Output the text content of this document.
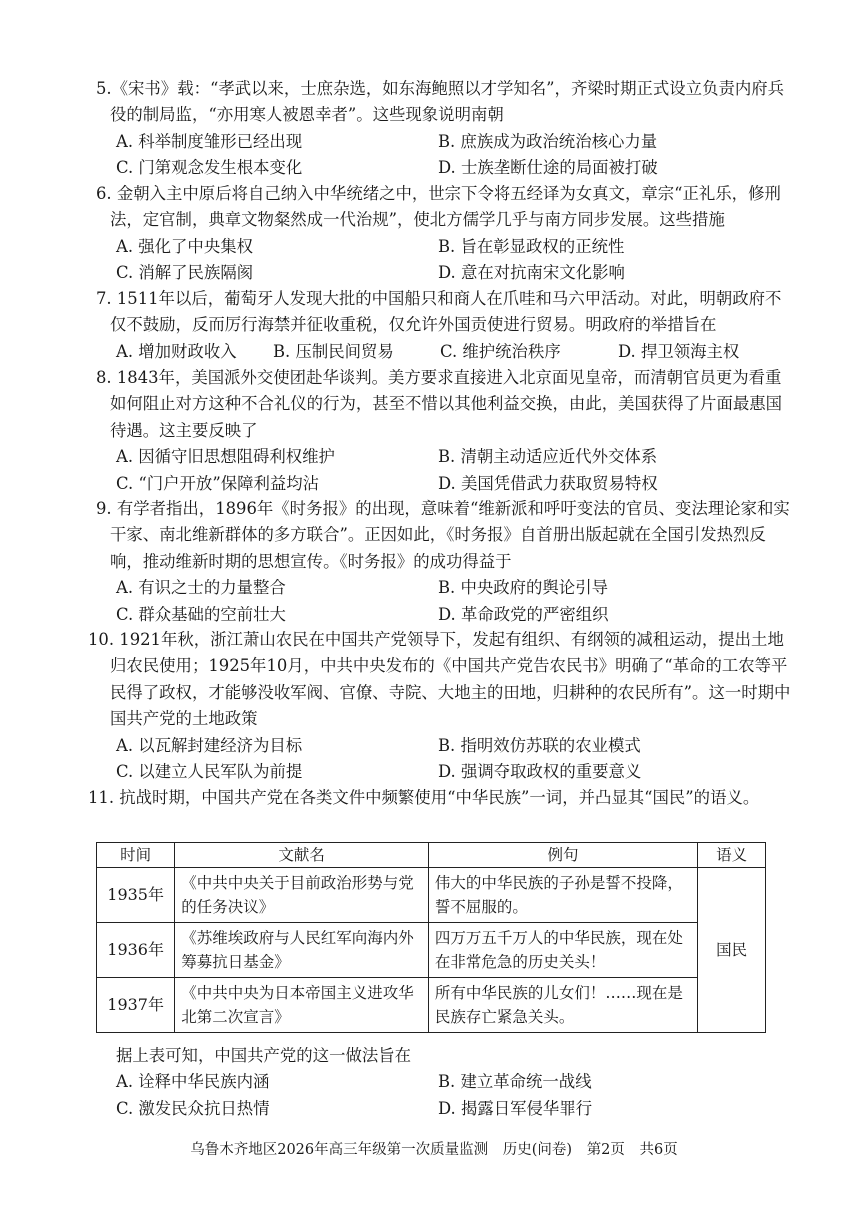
5.《宋书》载：“孝武以来，士庶杂选，如东海鲍照以才学知名”，齐梁时期正式设立负责内府兵役的制局监，“亦用寒人被恩幸者”。这些现象说明南朝

A. 科举制度雏形已经出现	B. 庶族成为政治统治核心力量
C. 门第观念发生根本变化	D. 士族垄断仕途的局面被打破

6. 金朝入主中原后将自己纳入中华统绪之中，世宗下令将五经译为女真文，章宗“正礼乐，修刑法，定官制，典章文物粲然成一代治规”，使北方儒学几乎与南方同步发展。这些措施

A. 强化了中央集权	B. 旨在彰显政权的正统性
C. 消解了民族隔阂	D. 意在对抗南宋文化影响

7. 1511年以后，葡萄牙人发现大批的中国船只和商人在爪哇和马六甲活动。对此，明朝政府不仅不鼓励，反而厉行海禁并征收重税，仅允许外国贡使进行贸易。明政府的举措旨在

A. 增加财政收入	B. 压制民间贸易	C. 维护统治秩序	D. 捍卫领海主权

8. 1843年，美国派外交使团赴华谈判。美方要求直接进入北京面见皇帝，而清朝官员更为看重如何阻止对方这种不合礼仪的行为，甚至不惜以其他利益交换，由此，美国获得了片面最惠国待遇。这主要反映了

A. 因循守旧思想阻碍利权维护	B. 清朝主动适应近代外交体系
C. “门户开放”保障利益均沾	D. 美国凭借武力获取贸易特权

9. 有学者指出，1896年《时务报》的出现，意味着“维新派和呼吁变法的官员、变法理论家和实干家、南北维新群体的多方联合”。正因如此，《时务报》自首册出版起就在全国引发热烈反响，推动维新时期的思想宣传。《时务报》的成功得益于

A. 有识之士的力量整合	B. 中央政府的舆论引导
C. 群众基础的空前壮大	D. 革命政党的严密组织

10. 1921年秋，浙江萧山农民在中国共产党领导下，发起有组织、有纲领的减租运动，提出土地归农民使用；1925年10月，中共中央发布的《中国共产党告农民书》明确了“革命的工农等平民得了政权，才能够没收军阀、官僚、寺院、大地主的田地，归耕种的农民所有”。这一时期中国共产党的土地政策

A. 以瓦解封建经济为目标	B. 指明效仿苏联的农业模式
C. 以建立人民军队为前提	D. 强调夺取政权的重要意义

11. 抗战时期，中国共产党在各类文件中频繁使用“中华民族”一词，并凸显其“国民”的语义。

时间	文献名	例句	语义
1935年	《中共中央关于目前政治形势与党的任务决议》	伟大的中华民族的子孙是誓不投降，誓不屈服的。	国民
1936年	《苏维埃政府与人民红军向海内外筹募抗日基金》	四万万五千万人的中华民族，现在处在非常危急的历史关头！	
1937年	《中共中央为日本帝国主义进攻华北第二次宣言》	所有中华民族的儿女们！……现在是民族存亡紧急关头。	

据上表可知，中国共产党的这一做法旨在

A. 诠释中华民族内涵	B. 建立革命统一战线
C. 激发民众抗日热情	D. 揭露日军侵华罪行
乌鲁木齐地区2026年高三年级第一次质量监测 历史(问卷) 第2页 共6页
